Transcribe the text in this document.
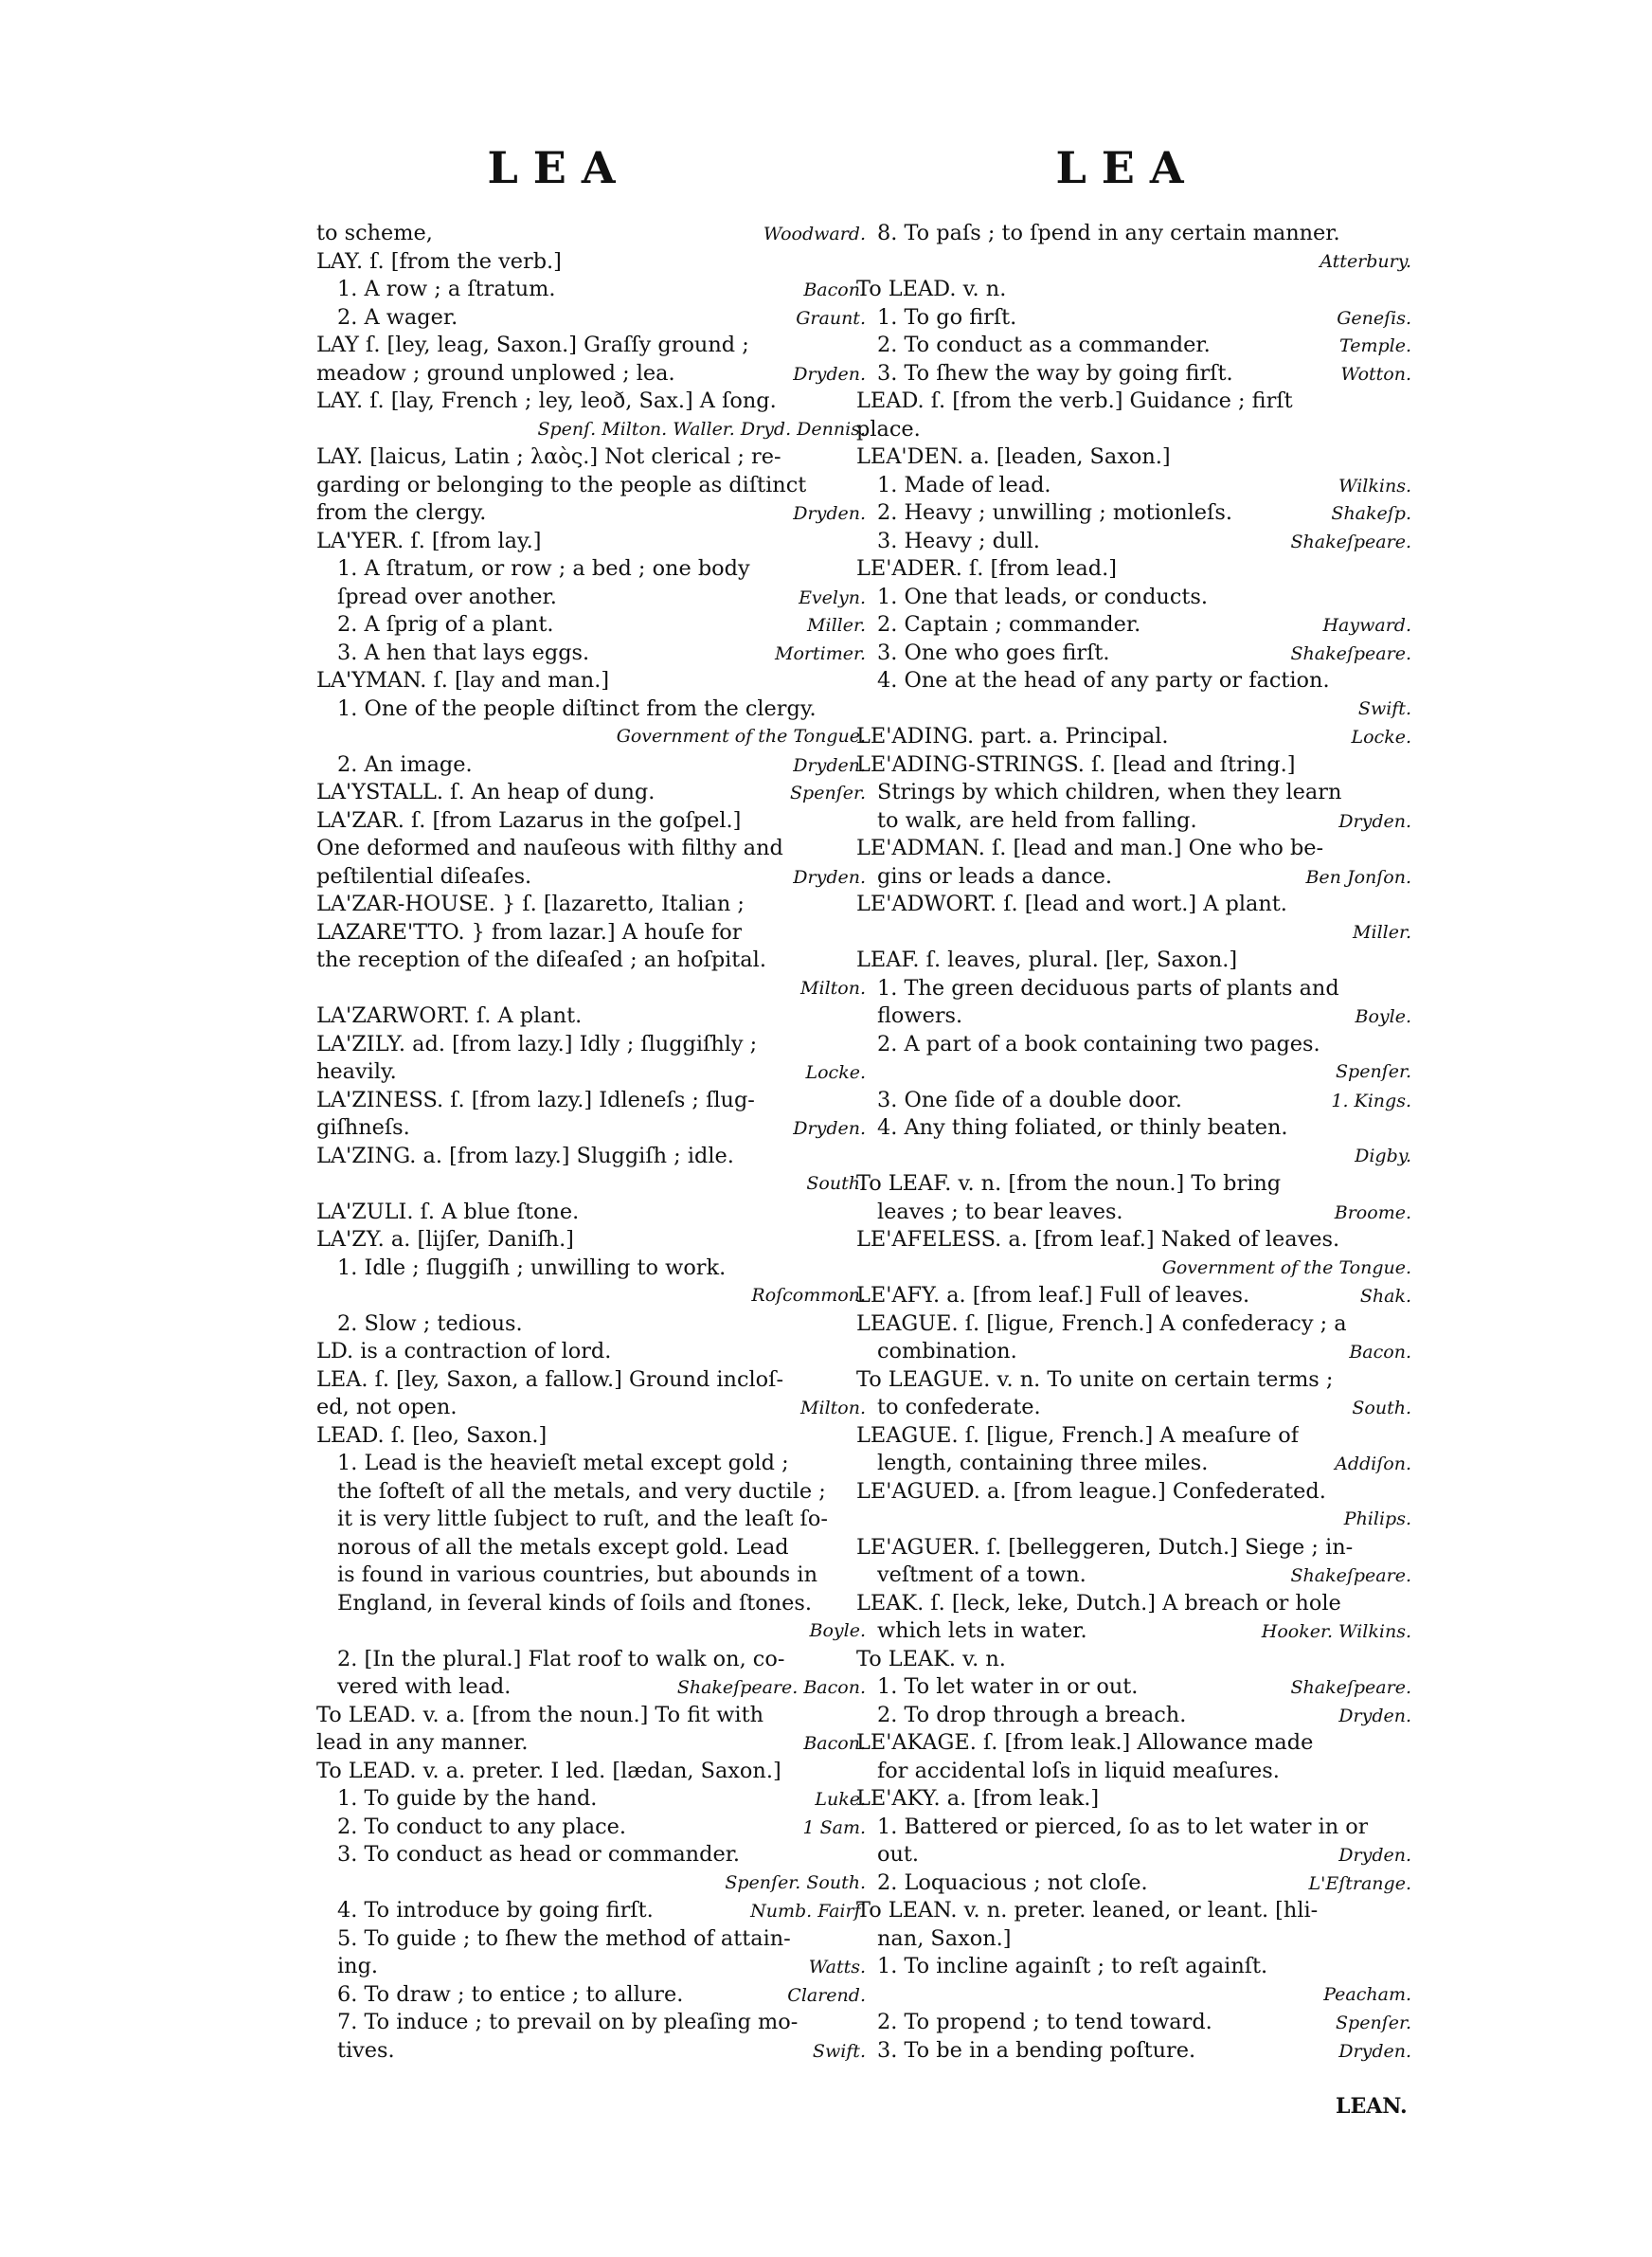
LEA	LEA
to scheme,	Woodward.
LAY. ſ. [from the verb.]
1. A row ; a ſtratum.	Bacon.
2. A wager.	Graunt.
LAY ſ. [ley, leag, Saxon.] Graſſy ground ;
meadow ; ground unplowed ; lea.	Dryden.
LAY. ſ. [lay, French ; ley, leoð, Sax.] A ſong.
Spenſ. Milton. Waller. Dryd. Dennis.
LAY. [laicus, Latin ; λαὸς.] Not clerical ; re-
garding or belonging to the people as diſtinct
from the clergy.	Dryden.
LA'YER. ſ. [from lay.]
1. A ſtratum, or row ; a bed ; one body
ſpread over another.	Evelyn.
2. A ſprig of a plant.	Miller.
3. A hen that lays eggs.	Mortimer.
LA'YMAN. ſ. [lay and man.]
1. One of the people diſtinct from the clergy.
Government of the Tongue.
2. An image.	Dryden.
LA'YSTALL. ſ. An heap of dung.	Spenſer.
LA'ZAR. ſ. [from Lazarus in the goſpel.]
One deformed and nauſeous with filthy and
peſtilential diſeaſes.	Dryden.
LA'ZAR-HOUSE. } ſ. [lazaretto, Italian ;
LAZARE'TTO. } from lazar.] A houſe for
the reception of the diſeaſed ; an hoſpital.
Milton.
LA'ZARWORT. ſ. A plant.
LA'ZILY. ad. [from lazy.] Idly ; ſluggiſhly ;
heavily.	Locke.
LA'ZINESS. ſ. [from lazy.] Idleneſs ; ſlug-
giſhneſs.	Dryden.
LA'ZING. a. [from lazy.] Sluggiſh ; idle.
South.
LA'ZULI. ſ. A blue ſtone.
LA'ZY. a. [lijſer, Daniſh.]
1. Idle ; ſluggiſh ; unwilling to work.
Roſcommon.
2. Slow ; tedious.
LD. is a contraction of lord.
LEA. ſ. [ley, Saxon, a fallow.] Ground incloſ-
ed, not open.	Milton.
LEAD. ſ. [leo, Saxon.]
1. Lead is the heavieſt metal except gold ;
the ſofteſt of all the metals, and very ductile ;
it is very little ſubject to ruſt, and the leaſt ſo-
norous of all the metals except gold. Lead
is found in various countries, but abounds in
England, in ſeveral kinds of ſoils and ſtones.
Boyle.
2. [In the plural.] Flat roof to walk on, co-
vered with lead.	Shakeſpeare. Bacon.
To LEAD. v. a. [from the noun.] To fit with
lead in any manner.	Bacon.
To LEAD. v. a. preter. I led. [lædan, Saxon.]
1. To guide by the hand.	Luke.
2. To conduct to any place.	1 Sam.
3. To conduct as head or commander.
Spenſer. South.
4. To introduce by going firſt.	Numb. Fairf.
5. To guide ; to ſhew the method of attain-
ing.	Watts.
6. To draw ; to entice ; to allure.	Clarend.
7. To induce ; to prevail on by pleaſing mo-
tives.	Swift.
8. To paſs ; to ſpend in any certain manner.
Atterbury.
To LEAD. v. n.
1. To go firſt.	Geneſis.
2. To conduct as a commander.	Temple.
3. To ſhew the way by going firſt.	Wotton.
LEAD. ſ. [from the verb.] Guidance ; firſt
place.
LEA'DEN. a. [leaden, Saxon.]
1. Made of lead.	Wilkins.
2. Heavy ; unwilling ; motionleſs.	Shakeſp.
3. Heavy ; dull.	Shakeſpeare.
LE'ADER. ſ. [from lead.]
1. One that leads, or conducts.
2. Captain ; commander.	Hayward.
3. One who goes firſt.	Shakeſpeare.
4. One at the head of any party or faction.
Swift.
LE'ADING. part. a. Principal.	Locke.
LE'ADING-STRINGS. ſ. [lead and ſtring.]
Strings by which children, when they learn
to walk, are held from falling.	Dryden.
LE'ADMAN. ſ. [lead and man.] One who be-
gins or leads a dance.	Ben Jonſon.
LE'ADWORT. ſ. [lead and wort.] A plant.
Miller.
LEAF. ſ. leaves, plural. [leꝼ, Saxon.]
1. The green deciduous parts of plants and
flowers.	Boyle.
2. A part of a book containing two pages.
Spenſer.
3. One ſide of a double door.	1. Kings.
4. Any thing foliated, or thinly beaten.
Digby.
To LEAF. v. n. [from the noun.] To bring
leaves ; to bear leaves.	Broome.
LE'AFELESS. a. [from leaf.] Naked of leaves.
Government of the Tongue.
LE'AFY. a. [from leaf.] Full of leaves.	Shak.
LEAGUE. ſ. [ligue, French.] A confederacy ; a
combination.	Bacon.
To LEAGUE. v. n. To unite on certain terms ;
to confederate.	South.
LEAGUE. ſ. [ligue, French.] A meaſure of
length, containing three miles.	Addiſon.
LE'AGUED. a. [from league.] Confederated.
Philips.
LE'AGUER. ſ. [belleggeren, Dutch.] Siege ; in-
veſtment of a town.	Shakeſpeare.
LEAK. ſ. [leck, leke, Dutch.] A breach or hole
which lets in water.	Hooker. Wilkins.
To LEAK. v. n.
1. To let water in or out.	Shakeſpeare.
2. To drop through a breach.	Dryden.
LE'AKAGE. ſ. [from leak.] Allowance made
for accidental loſs in liquid meaſures.
LE'AKY. a. [from leak.]
1. Battered or pierced, ſo as to let water in or
out.	Dryden.
2. Loquacious ; not cloſe.	L'Eſtrange.
To LEAN. v. n. preter. leaned, or leant. [hli-
nan, Saxon.]
1. To incline againſt ; to reſt againſt.
Peacham.
2. To propend ; to tend toward.	Spenſer.
3. To be in a bending poſture.	Dryden.
LEAN.
